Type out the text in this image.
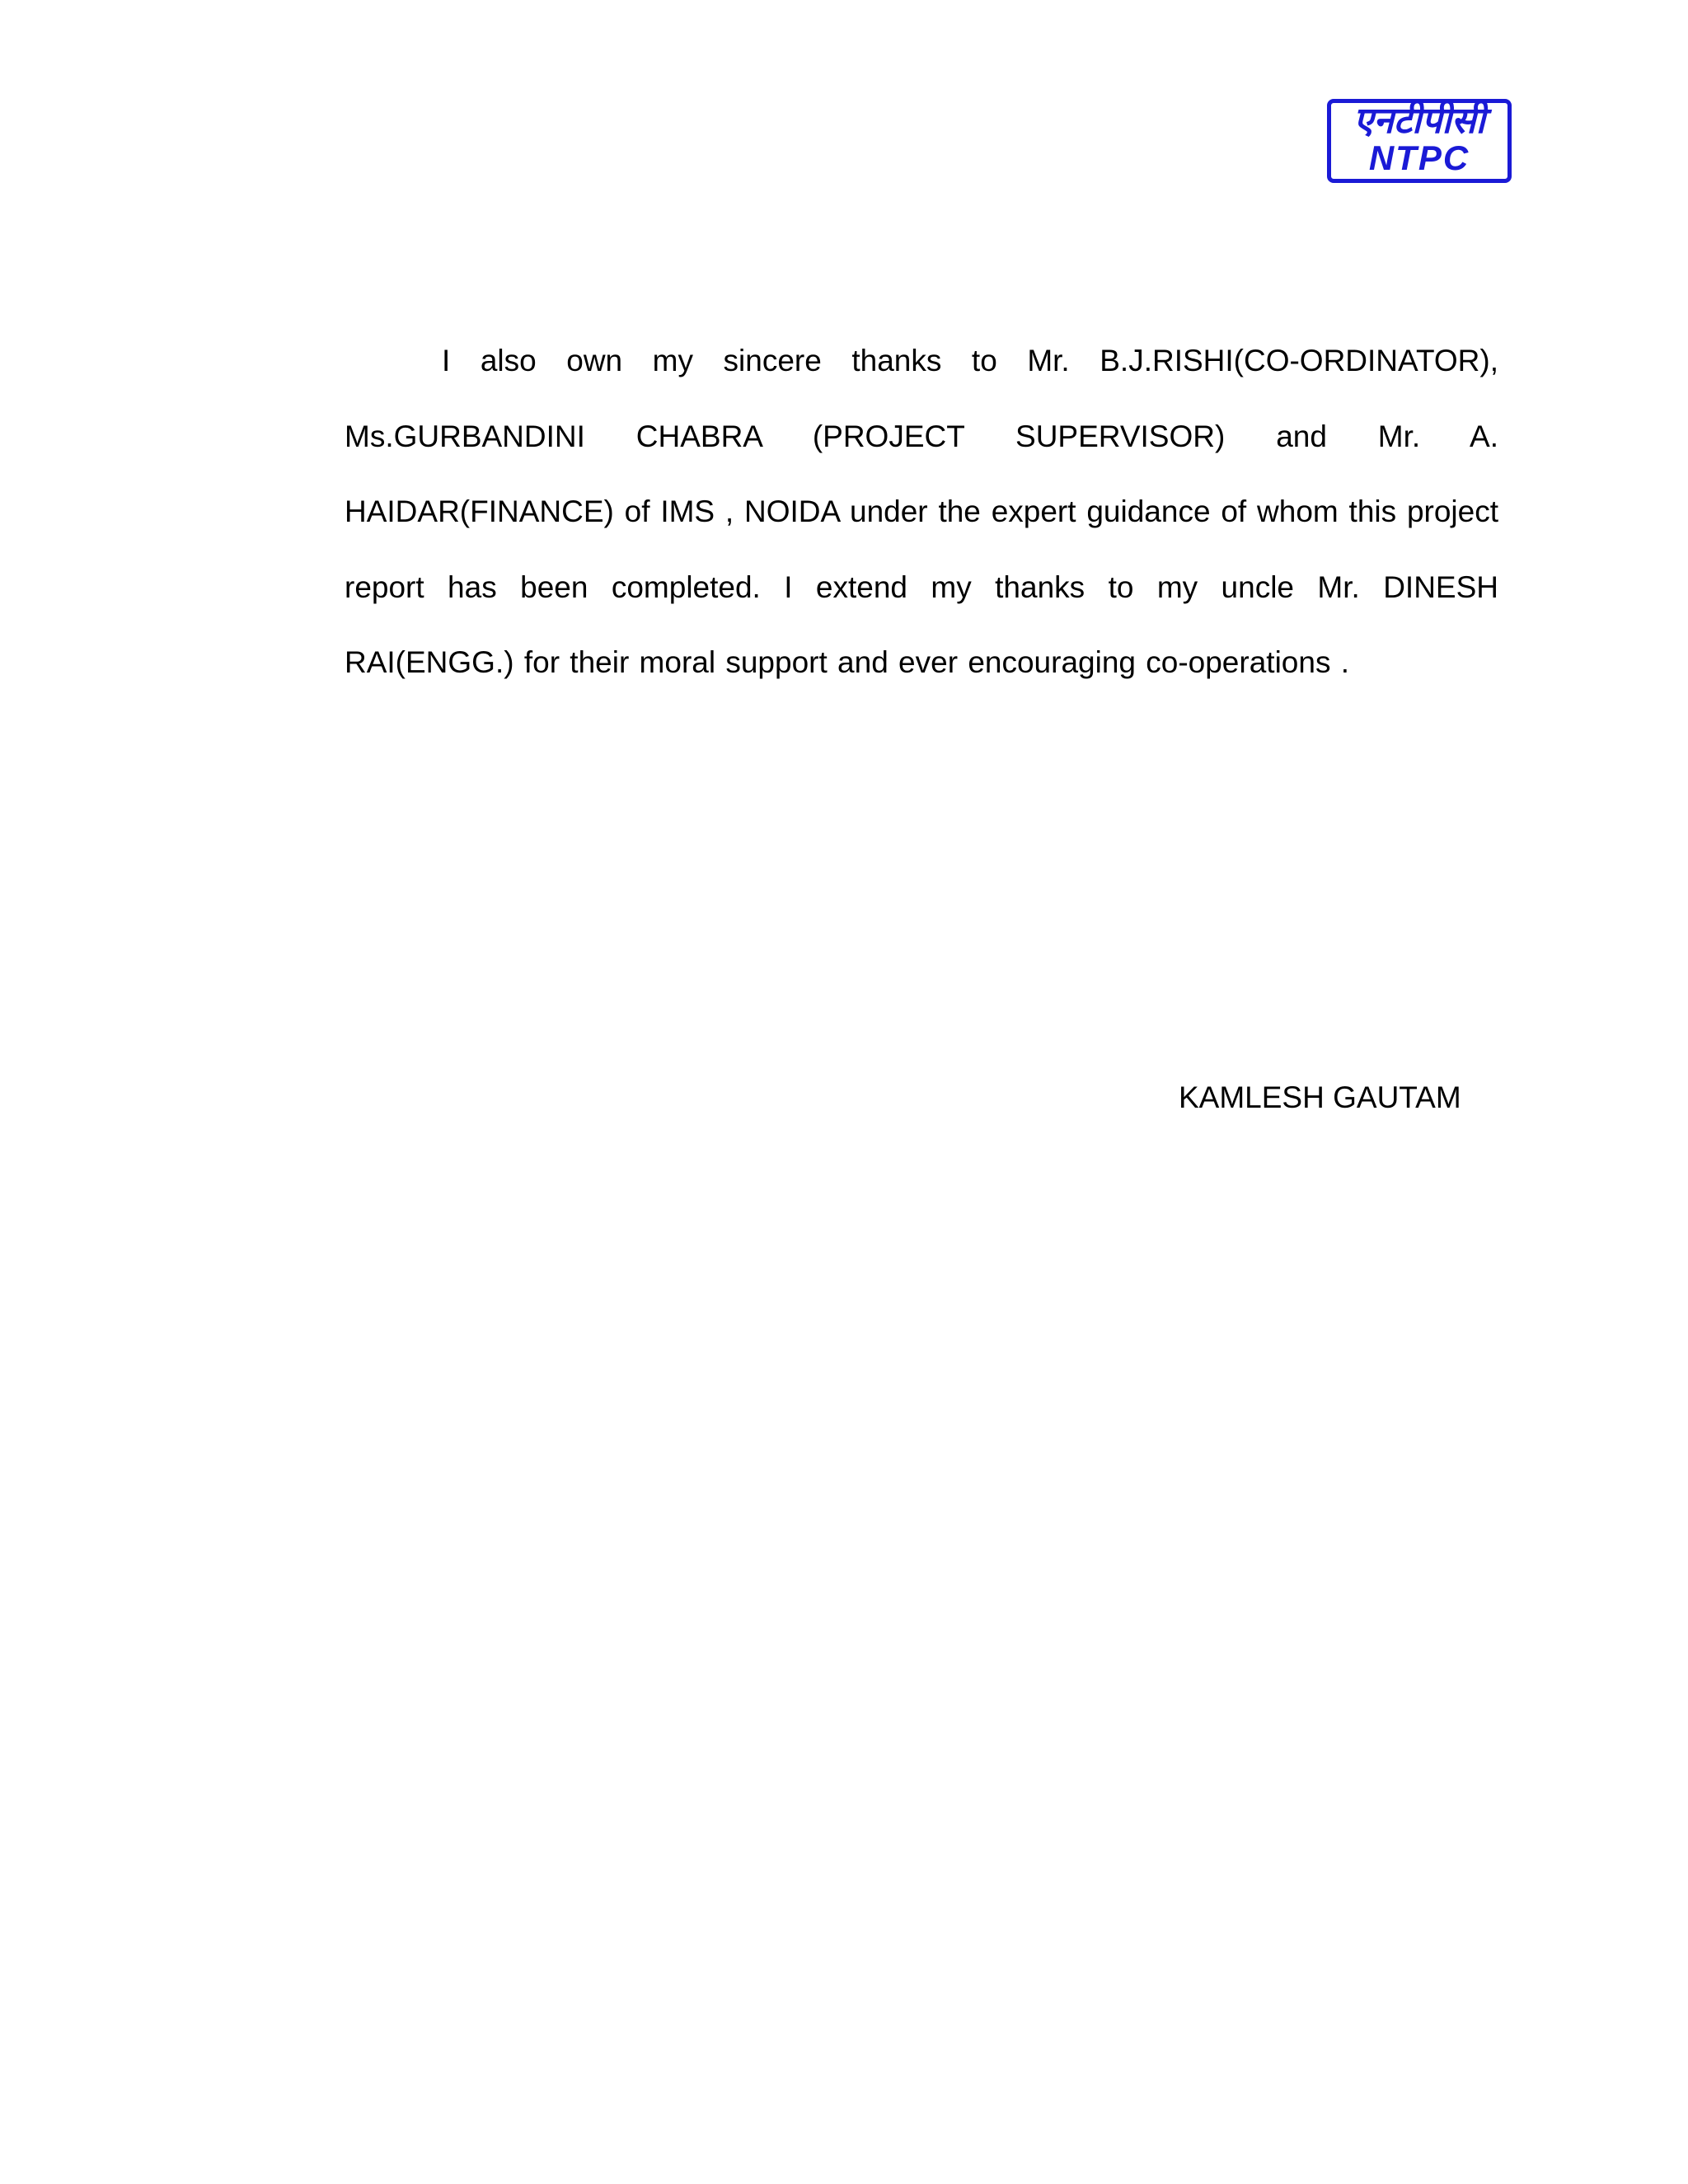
एनटीपीसी
NTPC

I also own my sincere thanks to Mr. B.J.RISHI(CO-ORDINATOR), Ms.GURBANDINI CHABRA (PROJECT SUPERVISOR) and Mr. A. HAIDAR(FINANCE) of IMS , NOIDA under the expert guidance of whom this project report has been completed. I extend my thanks to my uncle Mr. DINESH RAI(ENGG.) for their moral support and ever encouraging co-operations .

KAMLESH GAUTAM
